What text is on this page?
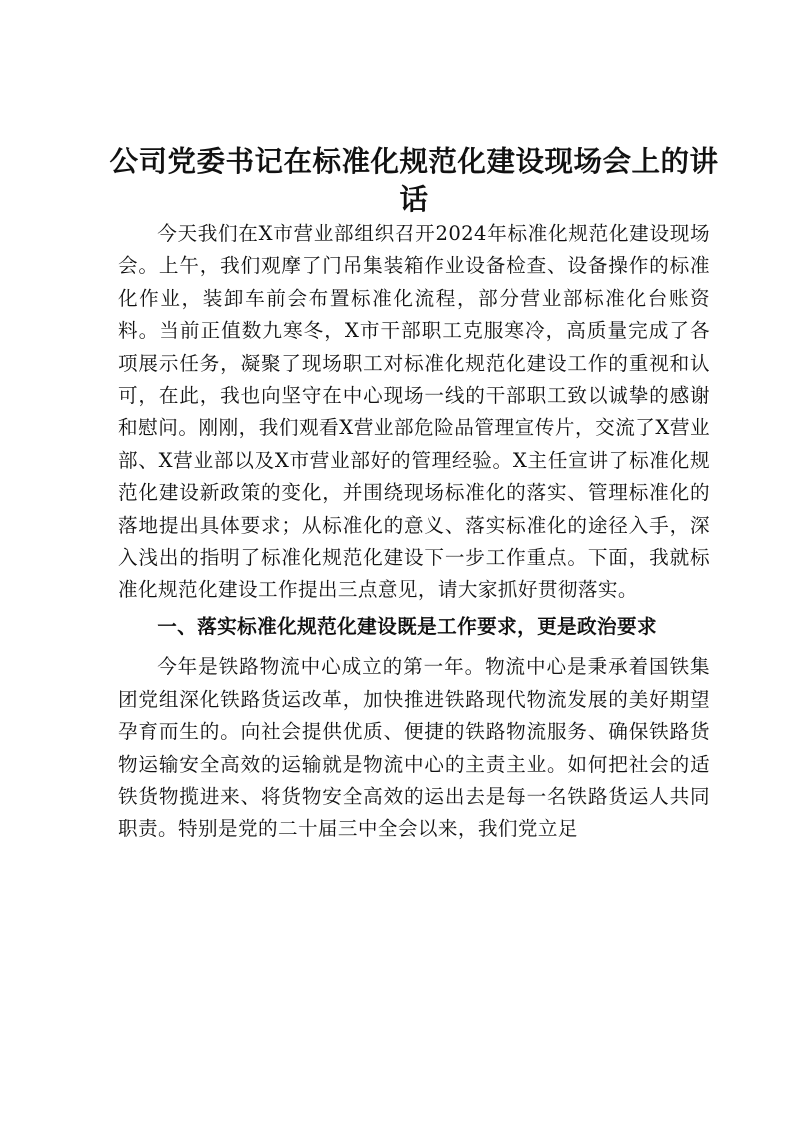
公司党委书记在标准化规范化建设现场会上的讲话

今天我们在X市营业部组织召开2024年标准化规范化建设现场会。上午，我们观摩了门吊集装箱作业设备检查、设备操作的标准化作业，装卸车前会布置标准化流程，部分营业部标准化台账资料。当前正值数九寒冬，X市干部职工克服寒冷，高质量完成了各项展示任务，凝聚了现场职工对标准化规范化建设工作的重视和认可，在此，我也向坚守在中心现场一线的干部职工致以诚挚的感谢和慰问。刚刚，我们观看X营业部危险品管理宣传片，交流了X营业部、X营业部以及X市营业部好的管理经验。X主任宣讲了标准化规范化建设新政策的变化，并围绕现场标准化的落实、管理标准化的落地提出具体要求；从标准化的意义、落实标准化的途径入手，深入浅出的指明了标准化规范化建设下一步工作重点。下面，我就标准化规范化建设工作提出三点意见，请大家抓好贯彻落实。

一、落实标准化规范化建设既是工作要求，更是政治要求

今年是铁路物流中心成立的第一年。物流中心是秉承着国铁集团党组深化铁路货运改革，加快推进铁路现代物流发展的美好期望孕育而生的。向社会提供优质、便捷的铁路物流服务、确保铁路货物运输安全高效的运输就是物流中心的主责主业。如何把社会的适铁货物揽进来、将货物安全高效的运出去是每一名铁路货运人共同职责。特别是党的二十届三中全会以来，我们党立足
